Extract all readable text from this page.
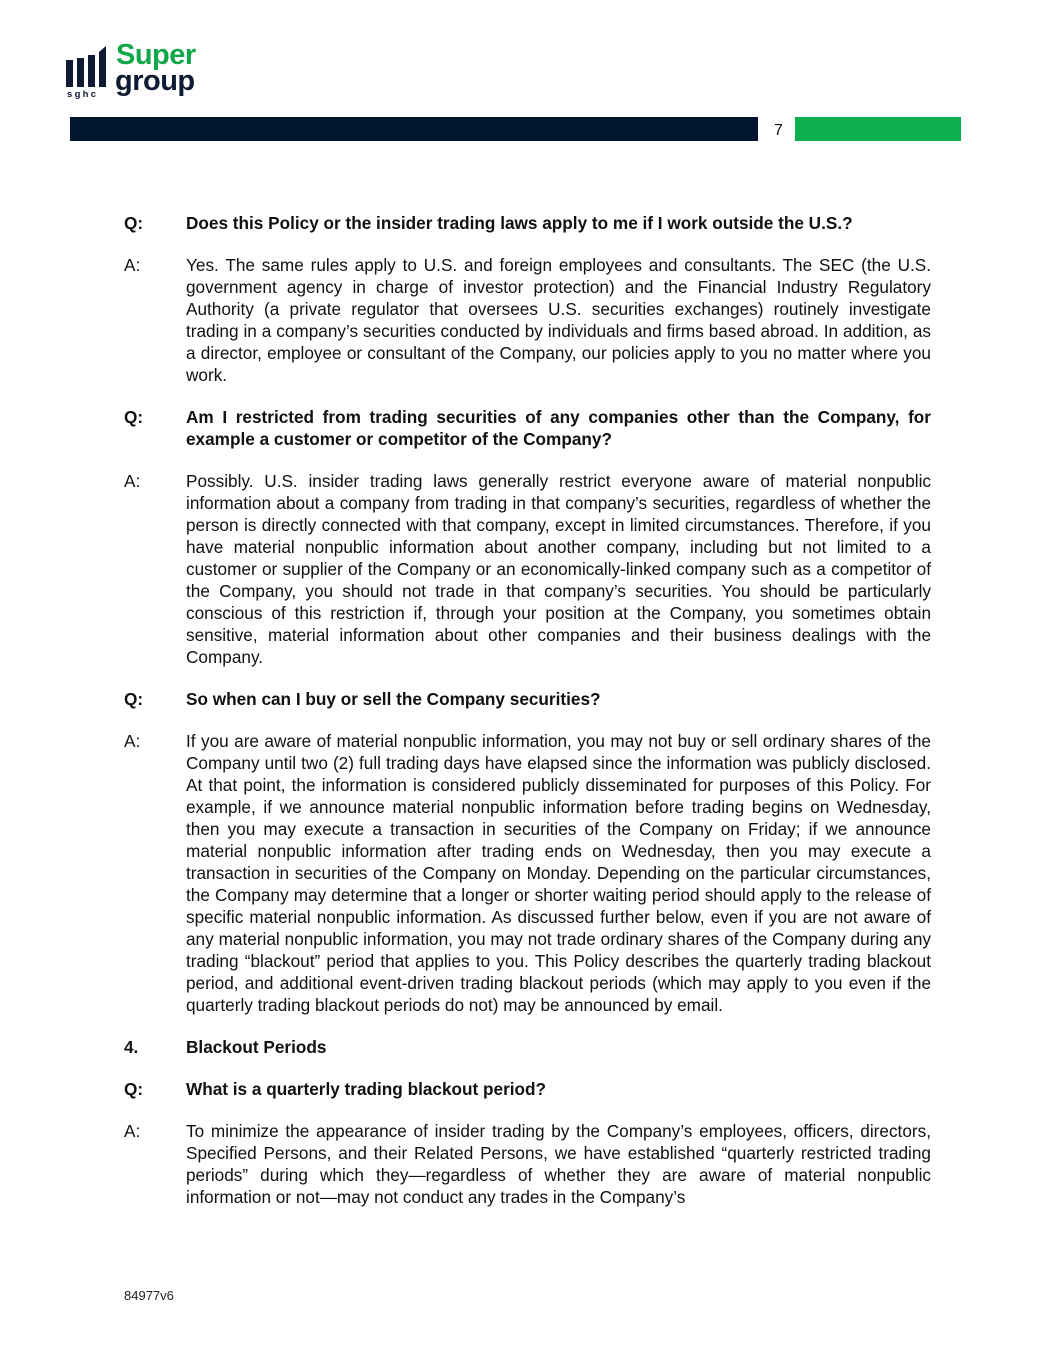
sghc
Super
group
7
Q:	Does this Policy or the insider trading laws apply to me if I work outside the U.S.?
A:	Yes. The same rules apply to U.S. and foreign employees and consultants. The SEC (the U.S. government agency in charge of investor protection) and the Financial Industry Regulatory Authority (a private regulator that oversees U.S. securities exchanges) routinely investigate trading in a company’s securities conducted by individuals and firms based abroad. In addition, as a director, employee or consultant of the Company, our policies apply to you no matter where you work.
Q:	Am I restricted from trading securities of any companies other than the Company, for example a customer or competitor of the Company?
A:	Possibly. U.S. insider trading laws generally restrict everyone aware of material nonpublic information about a company from trading in that company’s securities, regardless of whether the person is directly connected with that company, except in limited circumstances. Therefore, if you have material nonpublic information about another company, including but not limited to a customer or supplier of the Company or an economically-linked company such as a competitor of the Company, you should not trade in that company’s securities. You should be particularly conscious of this restriction if, through your position at the Company, you sometimes obtain sensitive, material information about other companies and their business dealings with the Company.
Q:	So when can I buy or sell the Company securities?
A:	If you are aware of material nonpublic information, you may not buy or sell ordinary shares of the Company until two (2) full trading days have elapsed since the information was publicly disclosed. At that point, the information is considered publicly disseminated for purposes of this Policy. For example, if we announce material nonpublic information before trading begins on Wednesday, then you may execute a transaction in securities of the Company on Friday; if we announce material nonpublic information after trading ends on Wednesday, then you may execute a transaction in securities of the Company on Monday. Depending on the particular circumstances, the Company may determine that a longer or shorter waiting period should apply to the release of specific material nonpublic information. As discussed further below, even if you are not aware of any material nonpublic information, you may not trade ordinary shares of the Company during any trading “blackout” period that applies to you. This Policy describes the quarterly trading blackout period, and additional event-driven trading blackout periods (which may apply to you even if the quarterly trading blackout periods do not) may be announced by email.
4.	Blackout Periods
Q:	What is a quarterly trading blackout period?
A:	To minimize the appearance of insider trading by the Company’s employees, officers, directors, Specified Persons, and their Related Persons, we have established “quarterly restricted trading periods” during which they—regardless of whether they are aware of material nonpublic information or not—may not conduct any trades in the Company’s
84977v6
